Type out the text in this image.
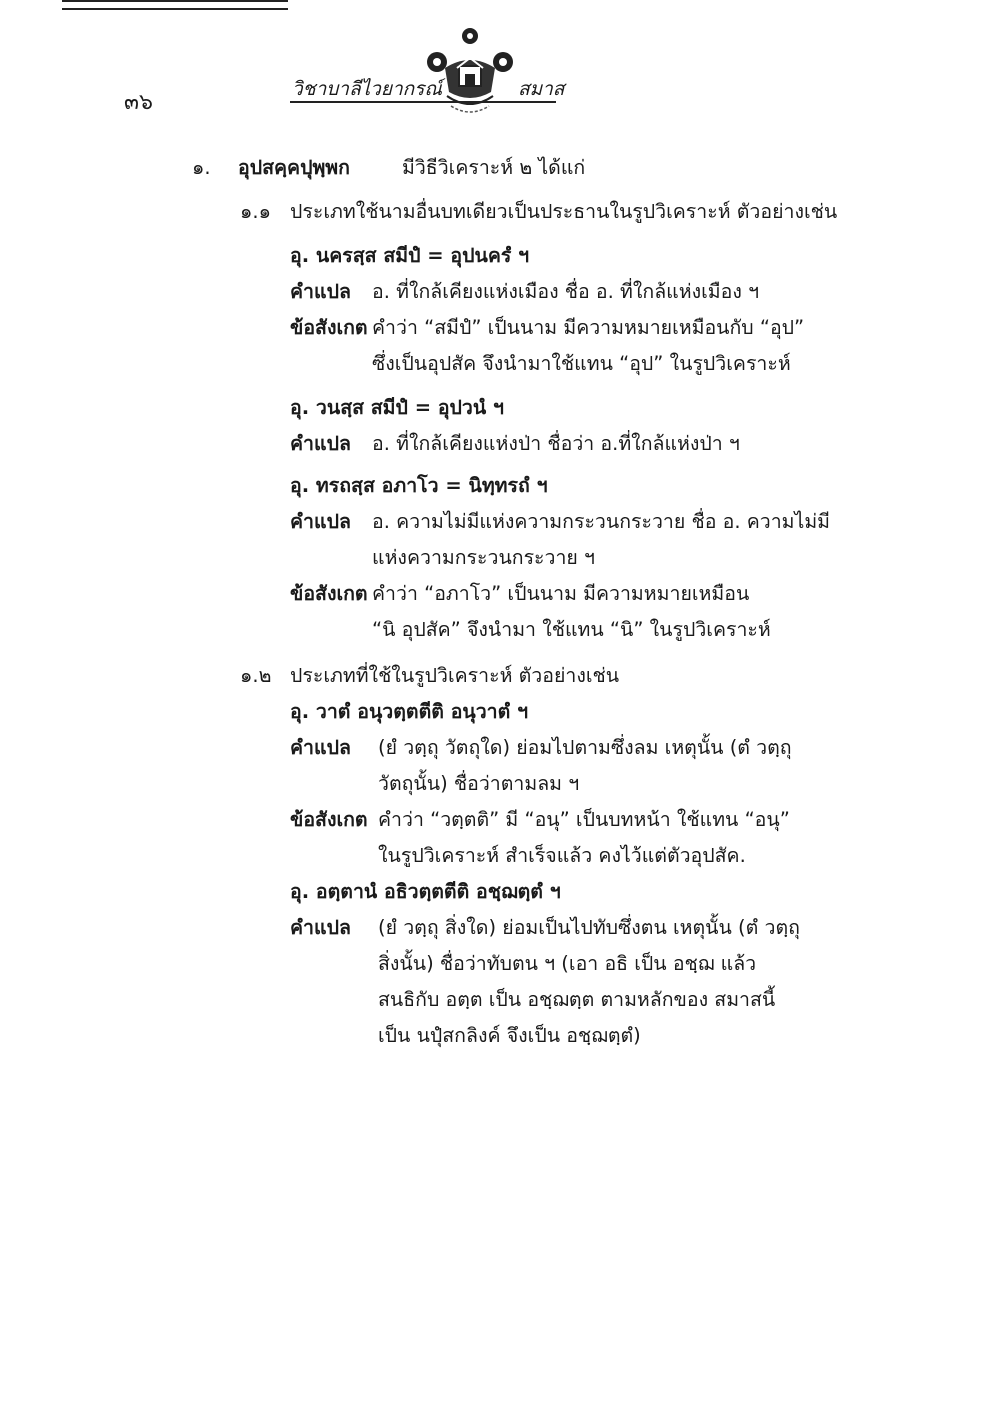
๓๖
วิชาบาลีไวยากรณ์	สมาส
๑. อุปสคฺคปุพฺพก	มีวิธีวิเคราะห์ ๒ ได้แก่
๑.๑ ประเภทใช้นามอื่นบทเดียวเป็นประธานในรูปวิเคราะห์ ตัวอย่างเช่น
อุ. นครสฺส สมีปํ = อุปนครํ ฯ
คำแปล อ. ที่ใกล้เคียงแห่งเมือง ชื่อ อ. ที่ใกล้แห่งเมือง ฯ
ข้อสังเกต คำว่า “สมีปํ” เป็นนาม มีความหมายเหมือนกับ “อุป”
ซึ่งเป็นอุปสัค จึงนำมาใช้แทน “อุป” ในรูปวิเคราะห์
อุ. วนสฺส สมีปํ = อุปวนํ ฯ
คำแปล อ. ที่ใกล้เคียงแห่งป่า ชื่อว่า อ.ที่ใกล้แห่งป่า ฯ
อุ. ทรถสฺส อภาโว = นิทฺทรถํ ฯ
คำแปล อ. ความไม่มีแห่งความกระวนกระวาย ชื่อ อ. ความไม่มี
แห่งความกระวนกระวาย ฯ
ข้อสังเกต คำว่า “อภาโว” เป็นนาม มีความหมายเหมือน
“นิ อุปสัค” จึงนำมา ใช้แทน “นิ” ในรูปวิเคราะห์
๑.๒ ประเภทที่ใช้ในรูปวิเคราะห์ ตัวอย่างเช่น
อุ. วาตํ อนุวตฺตตีติ อนุวาตํ ฯ
คำแปล (ยํ วตฺถุ วัตถุใด) ย่อมไปตามซึ่งลม เหตุนั้น (ตํ วตฺถุ
วัตถุนั้น) ชื่อว่าตามลม ฯ
ข้อสังเกต คำว่า “วตฺตติ” มี “อนุ” เป็นบทหน้า ใช้แทน “อนุ”
ในรูปวิเคราะห์ สำเร็จแล้ว คงไว้แต่ตัวอุปสัค.
อุ. อตฺตานํ อธิวตฺตตีติ อชฺฌตฺตํ ฯ
คำแปล (ยํ วตฺถุ สิ่งใด) ย่อมเป็นไปทับซึ่งตน เหตุนั้น (ตํ วตฺถุ
สิ่งนั้น) ชื่อว่าทับตน ฯ (เอา อธิ เป็น อชฺฌ แล้ว
สนธิกับ อตฺต เป็น อชฺฌตฺต ตามหลักของ สมาสนี้
เป็น นปุํสกลิงค์ จึงเป็น อชฺฌตฺตํ)
